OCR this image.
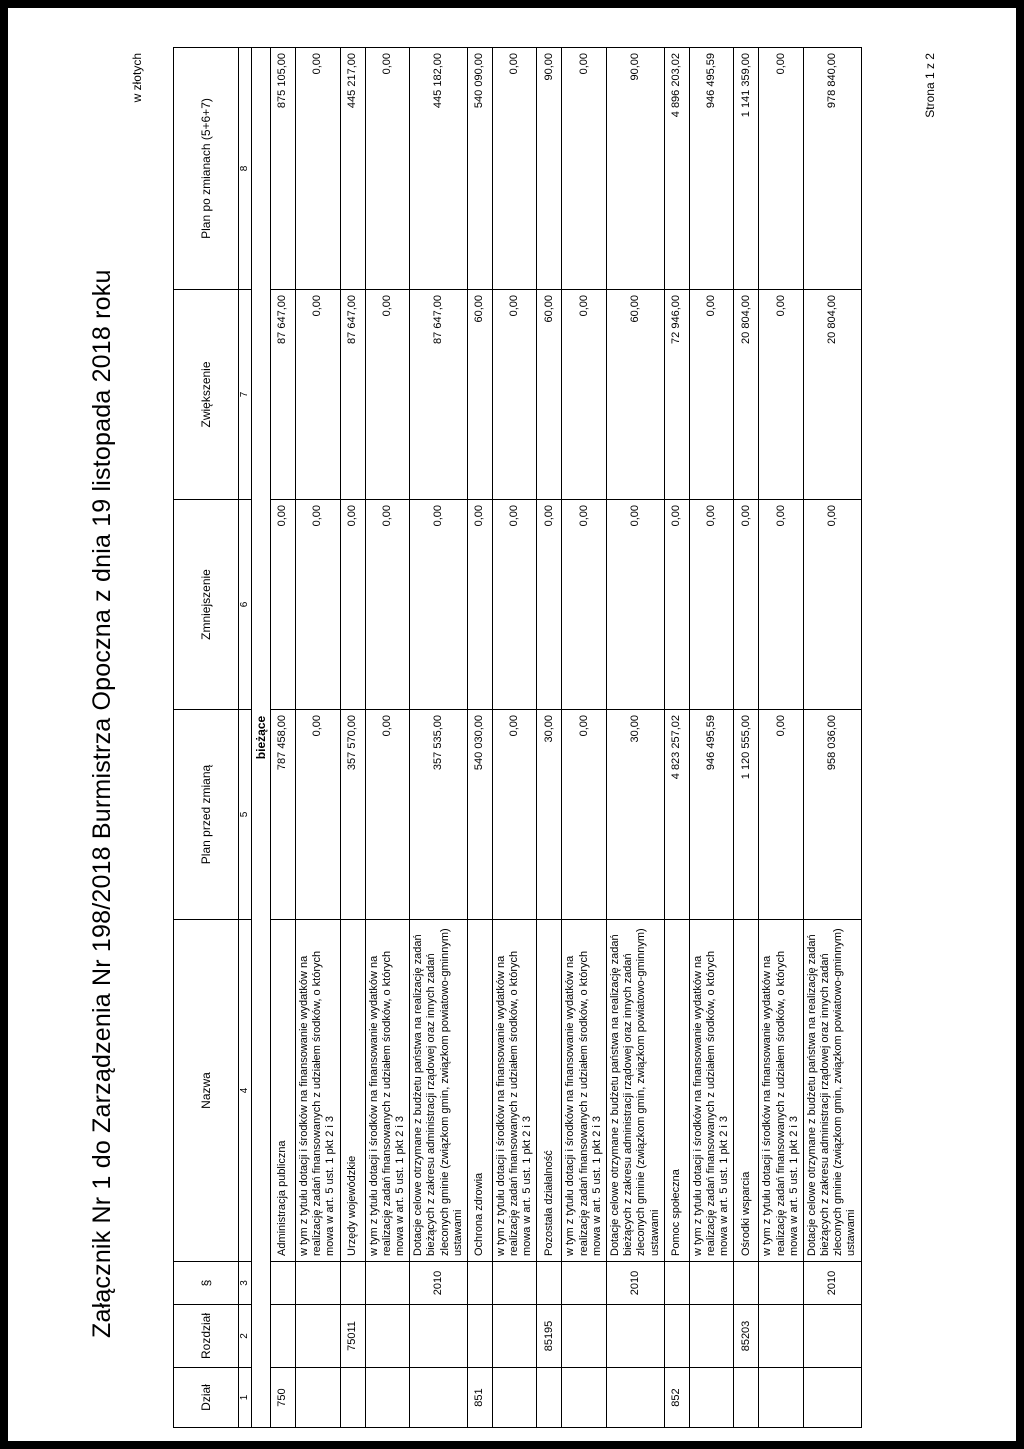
Załącznik Nr 1 do Zarządzenia Nr 198/2018 Burmistrza Opoczna z dnia 19 listopada 2018 roku
w złotych
Dział	Rozdział	§	Nazwa	Plan przed zmianą	Zmniejszenie	Zwiększenie	Plan po zmianach (5+6+7)
1	2	3	4	5	6	7	8
bieżące							
750			Administracja publiczna	787 458,00	0,00	87 647,00	875 105,00
			w tym z tytułu dotacji i środków na finansowanie wydatków na realizację zadań finansowanych z udziałem środków, o których mowa w art. 5 ust. 1 pkt 2 i 3	0,00	0,00	0,00	0,00
	75011		Urzędy wojewódzkie	357 570,00	0,00	87 647,00	445 217,00
			w tym z tytułu dotacji i środków na finansowanie wydatków na realizację zadań finansowanych z udziałem środków, o których mowa w art. 5 ust. 1 pkt 2 i 3	0,00	0,00	0,00	0,00
		2010	Dotacje celowe otrzymane z budżetu państwa na realizację zadań bieżących z zakresu administracji rządowej oraz innych zadań zleconych gminie (związkom gmin, związkom powiatowo-gminnym) ustawami	357 535,00	0,00	87 647,00	445 182,00
851			Ochrona zdrowia	540 030,00	0,00	60,00	540 090,00
			w tym z tytułu dotacji i środków na finansowanie wydatków na realizację zadań finansowanych z udziałem środków, o których mowa w art. 5 ust. 1 pkt 2 i 3	0,00	0,00	0,00	0,00
	85195		Pozostała działalność	30,00	0,00	60,00	90,00
			w tym z tytułu dotacji i środków na finansowanie wydatków na realizację zadań finansowanych z udziałem środków, o których mowa w art. 5 ust. 1 pkt 2 i 3	0,00	0,00	0,00	0,00
		2010	Dotacje celowe otrzymane z budżetu państwa na realizację zadań bieżących z zakresu administracji rządowej oraz innych zadań zleconych gminie (związkom gmin, związkom powiatowo-gminnym) ustawami	30,00	0,00	60,00	90,00
852			Pomoc społeczna	4 823 257,02	0,00	72 946,00	4 896 203,02
			w tym z tytułu dotacji i środków na finansowanie wydatków na realizację zadań finansowanych z udziałem środków, o których mowa w art. 5 ust. 1 pkt 2 i 3	946 495,59	0,00	0,00	946 495,59
	85203		Ośrodki wsparcia	1 120 555,00	0,00	20 804,00	1 141 359,00
			w tym z tytułu dotacji i środków na finansowanie wydatków na realizację zadań finansowanych z udziałem środków, o których mowa w art. 5 ust. 1 pkt 2 i 3	0,00	0,00	0,00	0,00
		2010	Dotacje celowe otrzymane z budżetu państwa na realizację zadań bieżących z zakresu administracji rządowej oraz innych zadań zleconych gminie (związkom gmin, związkom powiatowo-gminnym) ustawami	958 036,00	0,00	20 804,00	978 840,00	Strona 1 z 2
